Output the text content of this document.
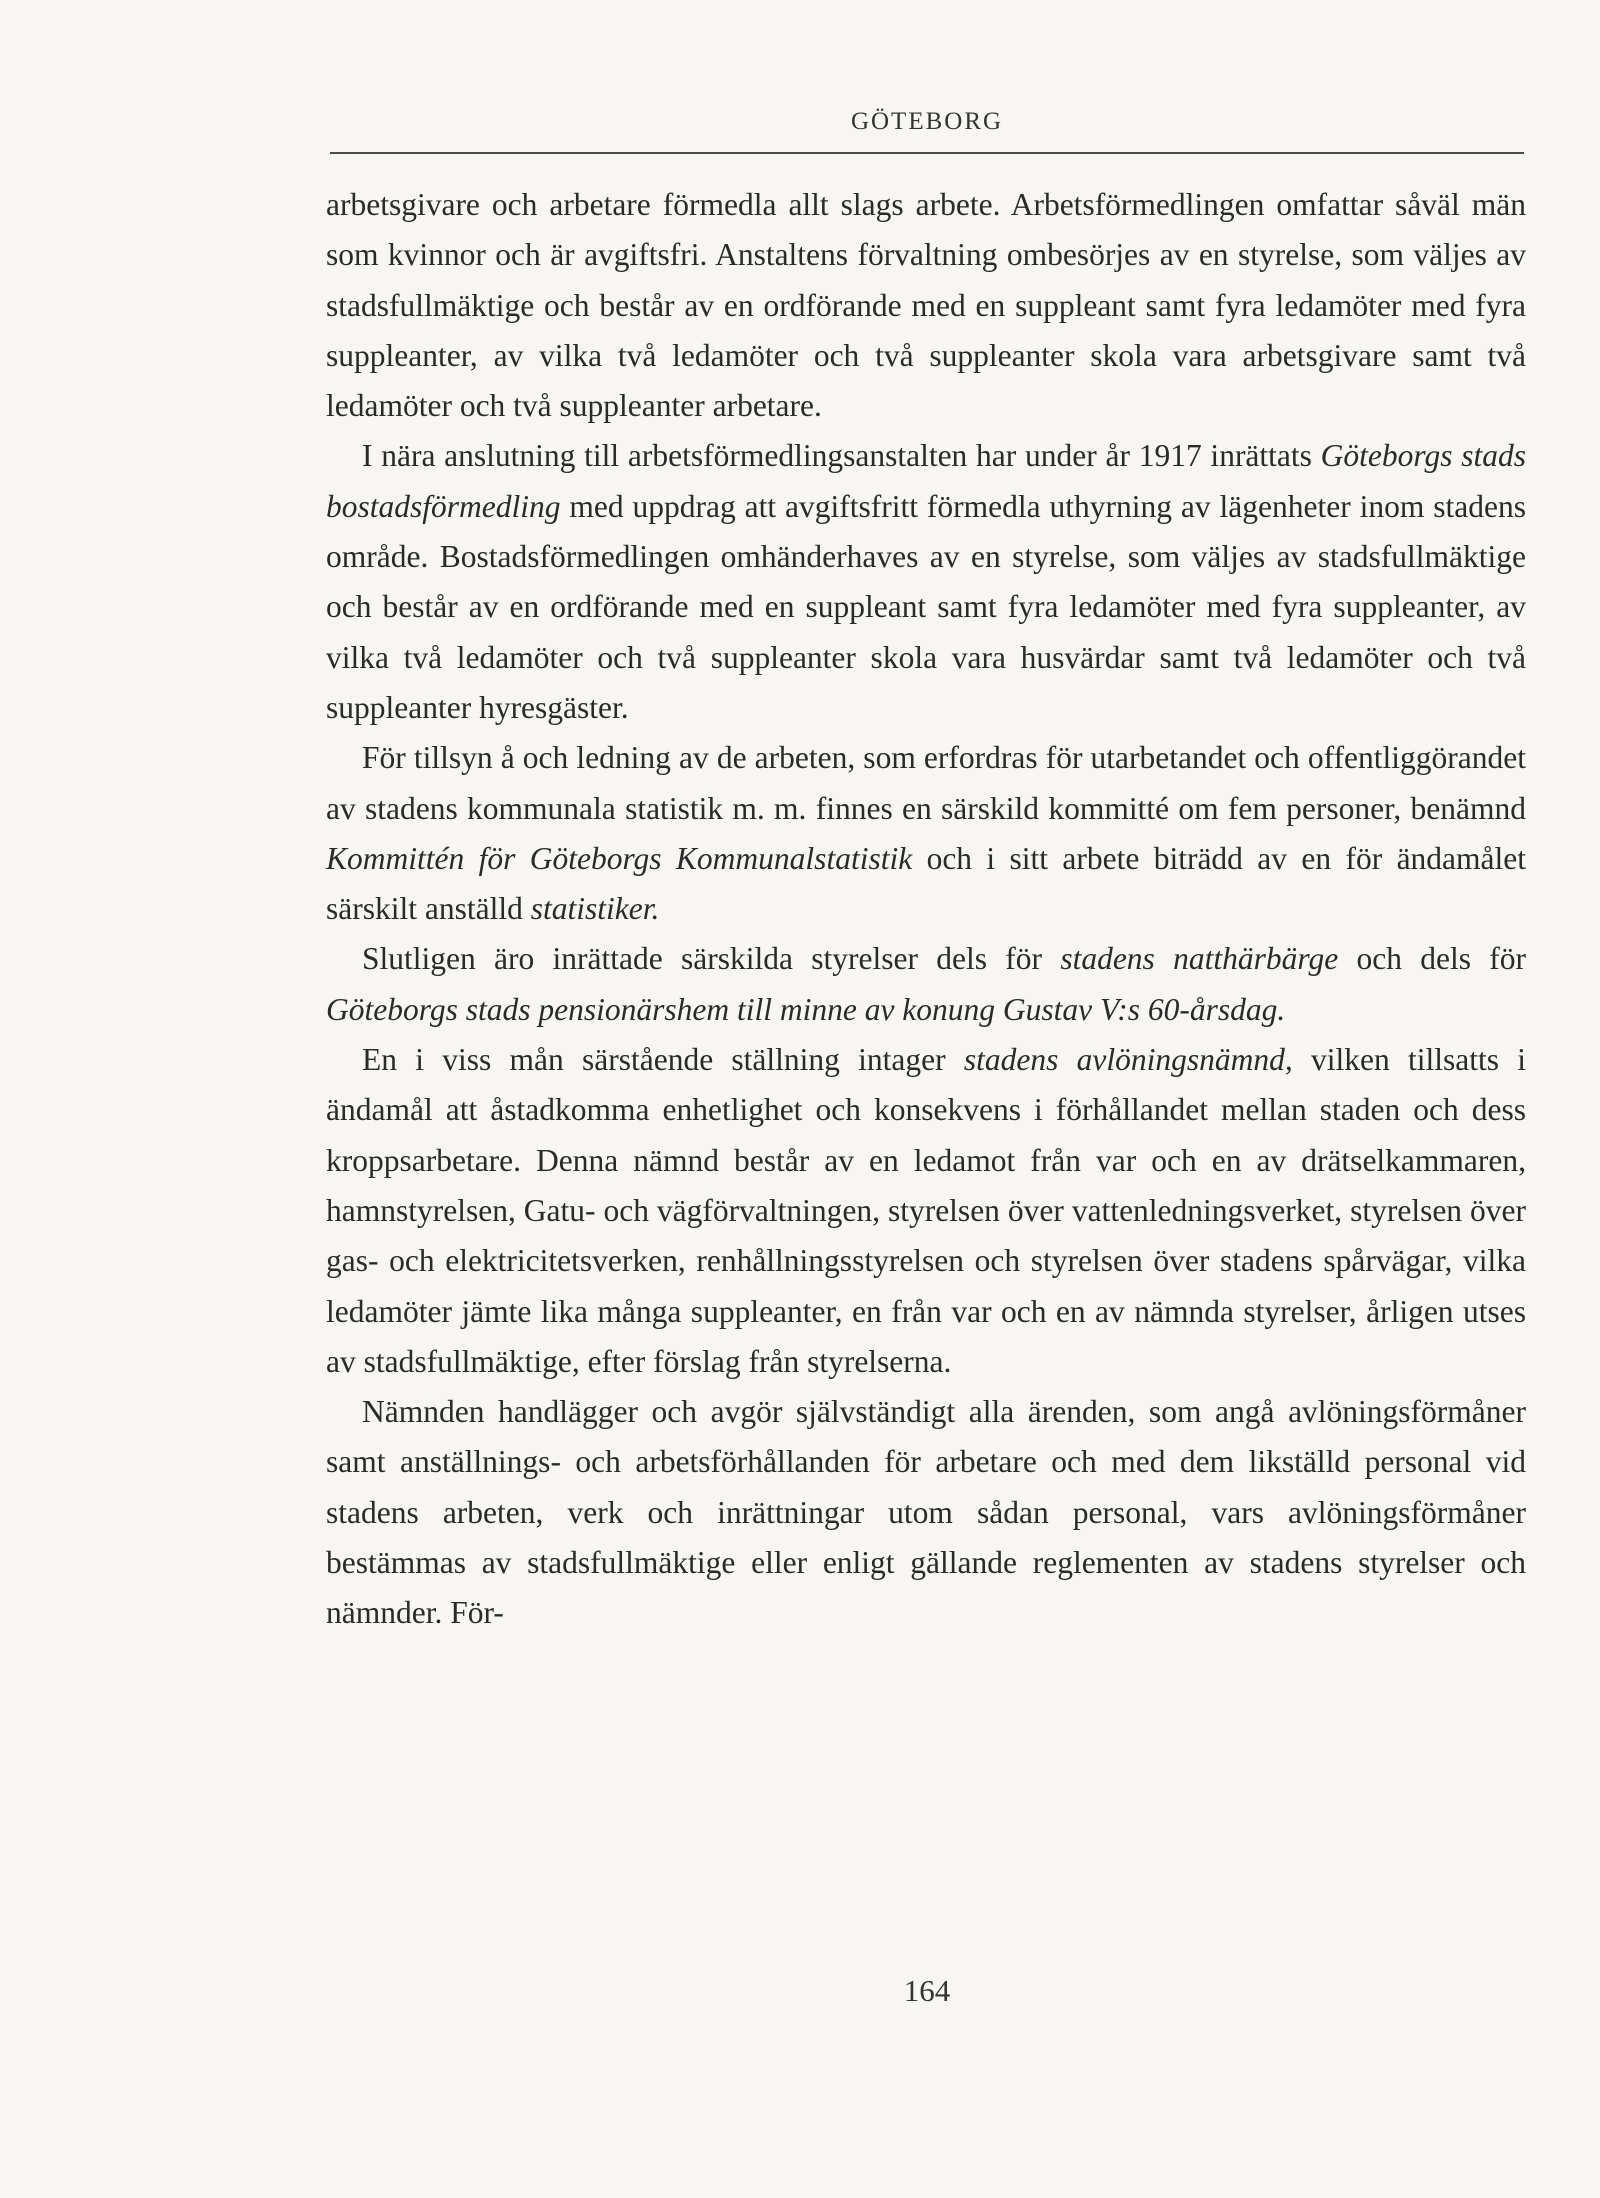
GÖTEBORG

arbetsgivare och arbetare förmedla allt slags arbete. Arbetsförmedlingen omfattar såväl män som kvinnor och är avgiftsfri. Anstaltens förvaltning ombesörjes av en styrelse, som väljes av stadsfullmäktige och består av en ordförande med en suppleant samt fyra ledamöter med fyra suppleanter, av vilka två ledamöter och två suppleanter skola vara arbetsgivare samt två ledamöter och två suppleanter arbetare.

I nära anslutning till arbetsförmedlingsanstalten har under år 1917 inrättats Göteborgs stads bostadsförmedling med uppdrag att avgiftsfritt förmedla uthyrning av lägenheter inom stadens område. Bostadsförmedlingen omhänderhaves av en styrelse, som väljes av stadsfullmäktige och består av en ordförande med en suppleant samt fyra ledamöter med fyra suppleanter, av vilka två ledamöter och två suppleanter skola vara husvärdar samt två ledamöter och två suppleanter hyresgäster.

För tillsyn å och ledning av de arbeten, som erfordras för utarbetandet och offentliggörandet av stadens kommunala statistik m. m. finnes en särskild kommitté om fem personer, benämnd Kommittén för Göteborgs Kommunalstatistik och i sitt arbete biträdd av en för ändamålet särskilt anställd statistiker.

Slutligen äro inrättade särskilda styrelser dels för stadens natthärbärge och dels för Göteborgs stads pensionärshem till minne av konung Gustav V:s 60-årsdag.

En i viss mån särstående ställning intager stadens avlöningsnämnd, vilken tillsatts i ändamål att åstadkomma enhetlighet och konsekvens i förhållandet mellan staden och dess kroppsarbetare. Denna nämnd består av en ledamot från var och en av drätselkammaren, hamnstyrelsen, Gatu- och vägförvaltningen, styrelsen över vattenledningsverket, styrelsen över gas- och elektricitetsverken, renhållningsstyrelsen och styrelsen över stadens spårvägar, vilka ledamöter jämte lika många suppleanter, en från var och en av nämnda styrelser, årligen utses av stadsfullmäktige, efter förslag från styrelserna.

Nämnden handlägger och avgör självständigt alla ärenden, som angå avlöningsförmåner samt anställnings- och arbetsförhållanden för arbetare och med dem likställd personal vid stadens arbeten, verk och inrättningar utom sådan personal, vars avlöningsförmåner bestämmas av stadsfullmäktige eller enligt gällande reglementen av stadens styrelser och nämnder. För-

164
